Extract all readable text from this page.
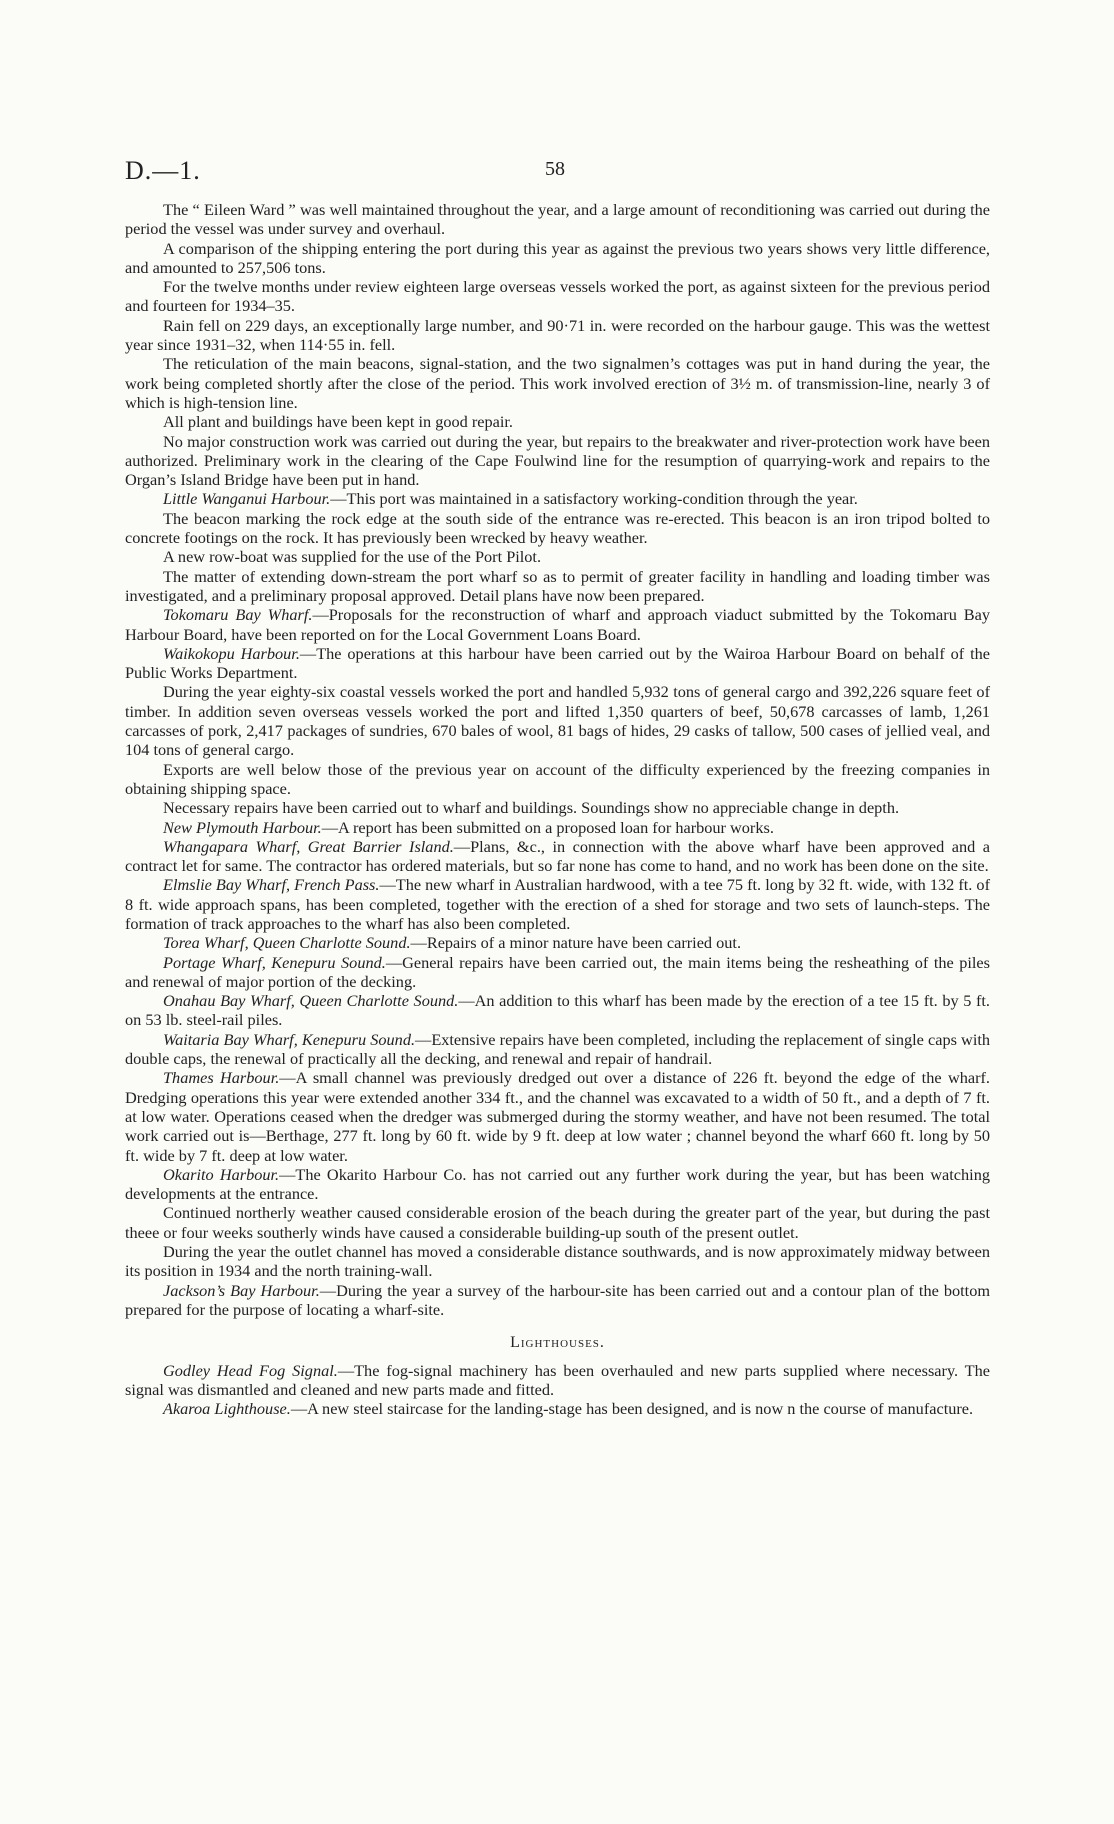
D.—1.	58

The “ Eileen Ward ” was well maintained throughout the year, and a large amount of reconditioning was carried out during the period the vessel was under survey and overhaul.

A comparison of the shipping entering the port during this year as against the previous two years shows very little difference, and amounted to 257,506 tons.

For the twelve months under review eighteen large overseas vessels worked the port, as against sixteen for the previous period and fourteen for 1934–35.

Rain fell on 229 days, an exceptionally large number, and 90·71 in. were recorded on the harbour gauge. This was the wettest year since 1931–32, when 114·55 in. fell.

The reticulation of the main beacons, signal-station, and the two signalmen’s cottages was put in hand during the year, the work being completed shortly after the close of the period. This work involved erection of 3½ m. of transmission-line, nearly 3 of which is high-tension line.

All plant and buildings have been kept in good repair.

No major construction work was carried out during the year, but repairs to the breakwater and river-protection work have been authorized. Preliminary work in the clearing of the Cape Foulwind line for the resumption of quarrying-work and repairs to the Organ’s Island Bridge have been put in hand.

Little Wanganui Harbour.—This port was maintained in a satisfactory working-condition through the year.

The beacon marking the rock edge at the south side of the entrance was re-erected. This beacon is an iron tripod bolted to concrete footings on the rock. It has previously been wrecked by heavy weather.

A new row-boat was supplied for the use of the Port Pilot.

The matter of extending down-stream the port wharf so as to permit of greater facility in handling and loading timber was investigated, and a preliminary proposal approved. Detail plans have now been prepared.

Tokomaru Bay Wharf.—Proposals for the reconstruction of wharf and approach viaduct submitted by the Tokomaru Bay Harbour Board, have been reported on for the Local Government Loans Board.

Waikokopu Harbour.—The operations at this harbour have been carried out by the Wairoa Harbour Board on behalf of the Public Works Department.

During the year eighty-six coastal vessels worked the port and handled 5,932 tons of general cargo and 392,226 square feet of timber. In addition seven overseas vessels worked the port and lifted 1,350 quarters of beef, 50,678 carcasses of lamb, 1,261 carcasses of pork, 2,417 packages of sundries, 670 bales of wool, 81 bags of hides, 29 casks of tallow, 500 cases of jellied veal, and 104 tons of general cargo.

Exports are well below those of the previous year on account of the difficulty experienced by the freezing companies in obtaining shipping space.

Necessary repairs have been carried out to wharf and buildings. Soundings show no appreciable change in depth.

New Plymouth Harbour.—A report has been submitted on a proposed loan for harbour works.

Whangapara Wharf, Great Barrier Island.—Plans, &c., in connection with the above wharf have been approved and a contract let for same. The contractor has ordered materials, but so far none has come to hand, and no work has been done on the site.

Elmslie Bay Wharf, French Pass.—The new wharf in Australian hardwood, with a tee 75 ft. long by 32 ft. wide, with 132 ft. of 8 ft. wide approach spans, has been completed, together with the erection of a shed for storage and two sets of launch-steps. The formation of track approaches to the wharf has also been completed.

Torea Wharf, Queen Charlotte Sound.—Repairs of a minor nature have been carried out.

Portage Wharf, Kenepuru Sound.—General repairs have been carried out, the main items being the resheathing of the piles and renewal of major portion of the decking.

Onahau Bay Wharf, Queen Charlotte Sound.—An addition to this wharf has been made by the erection of a tee 15 ft. by 5 ft. on 53 lb. steel-rail piles.

Waitaria Bay Wharf, Kenepuru Sound.—Extensive repairs have been completed, including the replacement of single caps with double caps, the renewal of practically all the decking, and renewal and repair of handrail.

Thames Harbour.—A small channel was previously dredged out over a distance of 226 ft. beyond the edge of the wharf. Dredging operations this year were extended another 334 ft., and the channel was excavated to a width of 50 ft., and a depth of 7 ft. at low water. Operations ceased when the dredger was submerged during the stormy weather, and have not been resumed. The total work carried out is—Berthage, 277 ft. long by 60 ft. wide by 9 ft. deep at low water ; channel beyond the wharf 660 ft. long by 50 ft. wide by 7 ft. deep at low water.

Okarito Harbour.—The Okarito Harbour Co. has not carried out any further work during the year, but has been watching developments at the entrance.

Continued northerly weather caused considerable erosion of the beach during the greater part of the year, but during the past theee or four weeks southerly winds have caused a considerable building-up south of the present outlet.

During the year the outlet channel has moved a considerable distance southwards, and is now approximately midway between its position in 1934 and the north training-wall.

Jackson’s Bay Harbour.—During the year a survey of the harbour-site has been carried out and a contour plan of the bottom prepared for the purpose of locating a wharf-site.

Lighthouses.

Godley Head Fog Signal.—The fog-signal machinery has been overhauled and new parts supplied where necessary. The signal was dismantled and cleaned and new parts made and fitted.

Akaroa Lighthouse.—A new steel staircase for the landing-stage has been designed, and is now n the course of manufacture.
